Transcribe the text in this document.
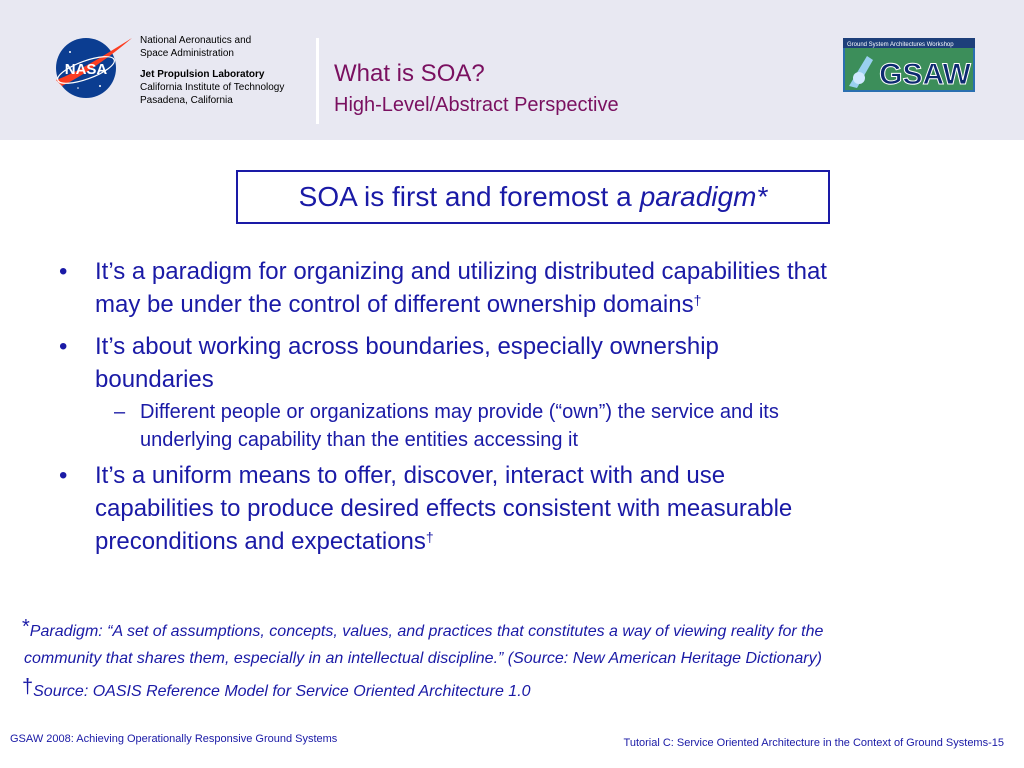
NASA
National Aeronautics and
Space Administration
Jet Propulsion Laboratory
California Institute of Technology
Pasadena, California
What is SOA?
High-Level/Abstract Perspective
Ground System Architectures Workshop
GSAW
SOA is first and foremost a paradigm*
• It’s a paradigm for organizing and utilizing distributed capabilities that
may be under the control of different ownership domains†
• It’s about working across boundaries, especially ownership
boundaries
– Different people or organizations may provide (“own”) the service and its
underlying capability than the entities accessing it
• It’s a uniform means to offer, discover, interact with and use
capabilities to produce desired effects consistent with measurable
preconditions and expectations†
*Paradigm: “A set of assumptions, concepts, values, and practices that constitutes a way of viewing reality for the
community that shares them, especially in an intellectual discipline.” (Source: New American Heritage Dictionary)
†Source: OASIS Reference Model for Service Oriented Architecture 1.0
GSAW 2008: Achieving Operationally Responsive Ground Systems	Tutorial C: Service Oriented Architecture in the Context of Ground Systems-15
